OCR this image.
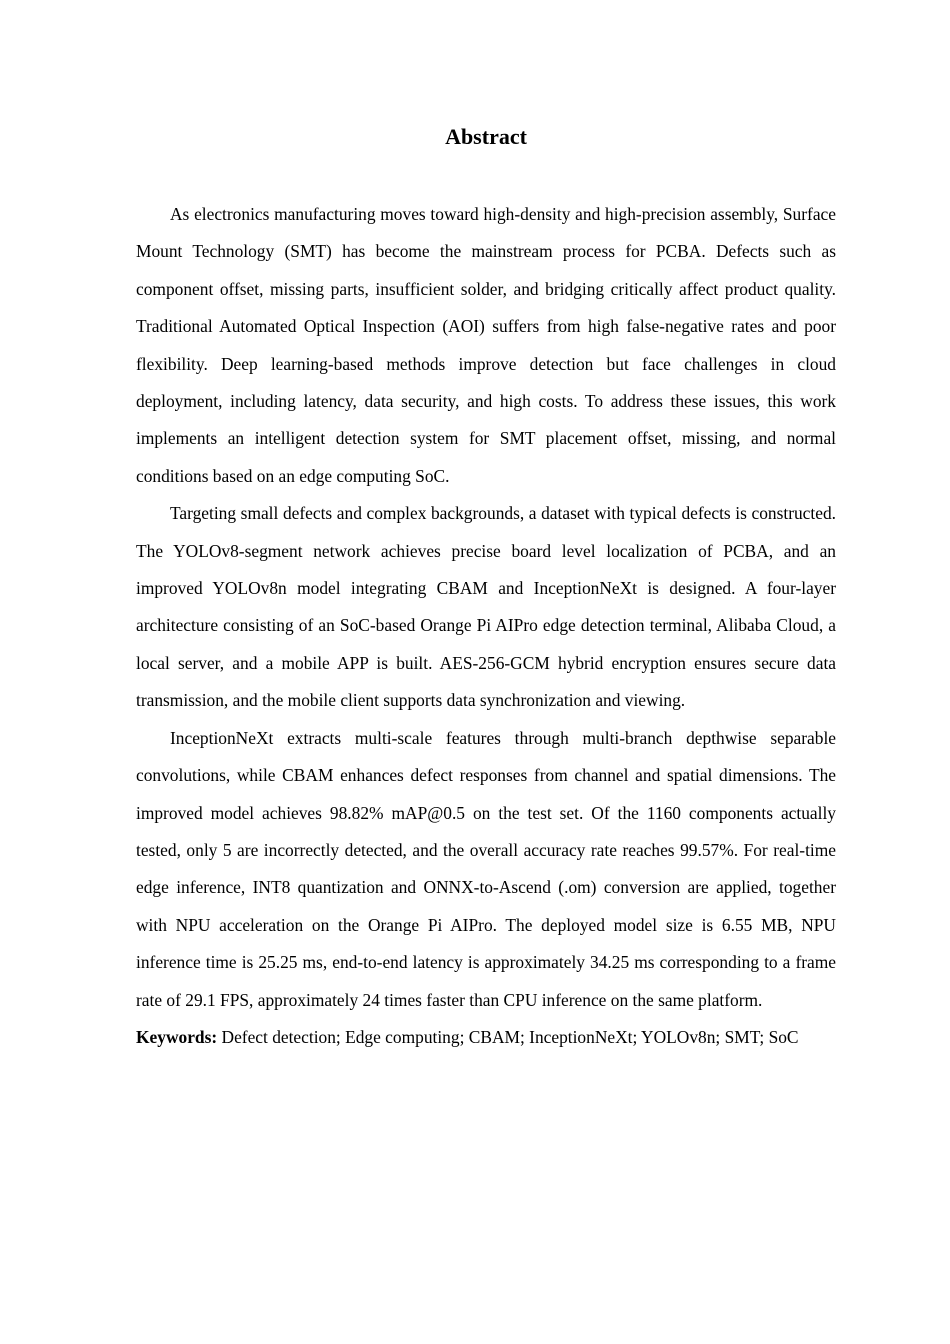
Abstract

As electronics manufacturing moves toward high-density and high-precision assembly, Surface Mount Technology (SMT) has become the mainstream process for PCBA. Defects such as component offset, missing parts, insufficient solder, and bridging critically affect product quality. Traditional Automated Optical Inspection (AOI) suffers from high false-negative rates and poor flexibility. Deep learning-based methods improve detection but face challenges in cloud deployment, including latency, data security, and high costs. To address these issues, this work implements an intelligent detection system for SMT placement offset, missing, and normal conditions based on an edge computing SoC.

Targeting small defects and complex backgrounds, a dataset with typical defects is constructed. The YOLOv8-segment network achieves precise board level localization of PCBA, and an improved YOLOv8n model integrating CBAM and InceptionNeXt is designed. A four-layer architecture consisting of an SoC-based Orange Pi AIPro edge detection terminal, Alibaba Cloud, a local server, and a mobile APP is built. AES-256-GCM hybrid encryption ensures secure data transmission, and the mobile client supports data synchronization and viewing.

InceptionNeXt extracts multi-scale features through multi-branch depthwise separable convolutions, while CBAM enhances defect responses from channel and spatial dimensions. The improved model achieves 98.82% mAP@0.5 on the test set. Of the 1160 components actually tested, only 5 are incorrectly detected, and the overall accuracy rate reaches 99.57%. For real-time edge inference, INT8 quantization and ONNX-to-Ascend (.om) conversion are applied, together with NPU acceleration on the Orange Pi AIPro. The deployed model size is 6.55 MB, NPU inference time is 25.25 ms, end-to-end latency is approximately 34.25 ms corresponding to a frame rate of 29.1 FPS, approximately 24 times faster than CPU inference on the same platform.

Keywords: Defect detection; Edge computing; CBAM; InceptionNeXt; YOLOv8n; SMT; SoC
